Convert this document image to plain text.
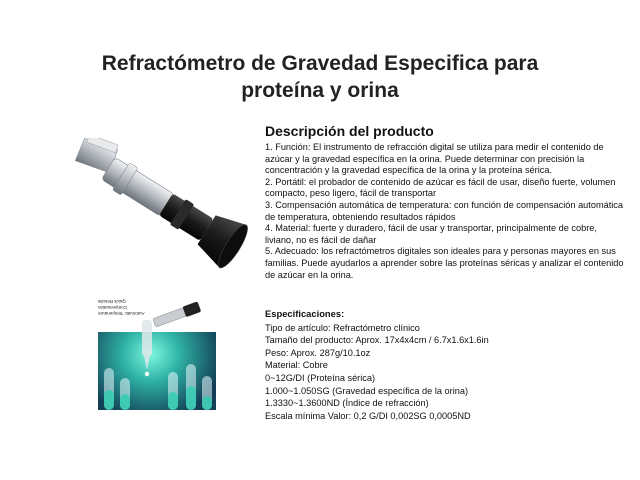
Refractómetro de Gravedad Especifica para
proteína y orina
Automatic Temperature
Compensation
Quick Results
Descripción del producto

1. Función: El instrumento de refracción digital se utiliza para medir el contenido de azúcar y la gravedad específica en la orina. Puede determinar con precisión la concentración y la gravedad específica de la orina y la proteína sérica.

2. Portátil: el probador de contenido de azúcar es fácil de usar, diseño fuerte, volumen compacto, peso ligero, fácil de transportar

3. Compensación automática de temperatura: con función de compensación automática de temperatura, obteniendo resultados rápidos

4. Material: fuerte y duradero, fácil de usar y transportar, principalmente de cobre, liviano, no es fácil de dañar

5. Adecuado: los refractómetros digitales son ideales para y personas mayores en sus familias. Puede ayudarlos a aprender sobre las proteínas séricas y analizar el contenido de azúcar en la orina.

Especificaciones:
Tipo de artículo: Refractómetro clínico
Tamaño del producto: Aprox. 17x4x4cm / 6.7x1.6x1.6in
Peso: Aprox. 287g/10.1oz
Material: Cobre
0~12G/DI (Proteína sérica)
1.000~1.050SG (Gravedad específica de la orina)
1.3330~1.3600ND (Índice de refracción)
Escala mínima Valor: 0,2 G/DI 0,002SG 0,0005ND
